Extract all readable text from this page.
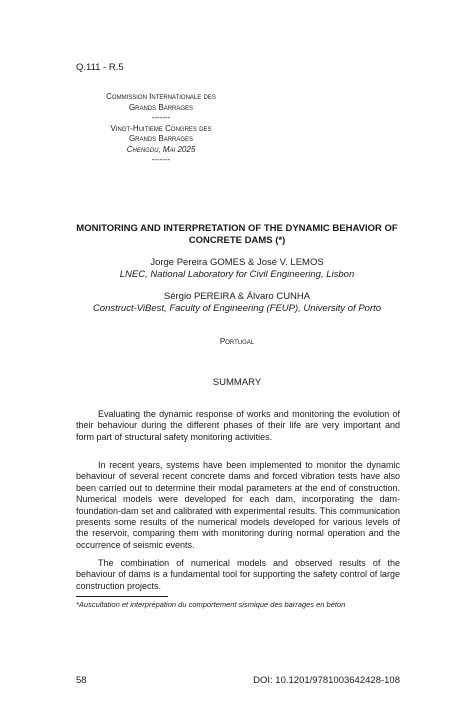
Q.111 - R.5
Commission Internationale des
Grands Barrages
-------
Vingt-Huitieme Congres des
Grands Barrages
Chengdu, Mai 2025
-------
MONITORING AND INTERPRETATION OF THE DYNAMIC BEHAVIOR OF
CONCRETE DAMS (*)
Jorge Pereira GOMES & José V. LEMOS
LNEC, National Laboratory for Civil Engineering, Lisbon
Sérgio PEREIRA & Álvaro CUNHA
Construct-ViBest, Faculty of Engineering (FEUP), University of Porto
Portugal
SUMMARY
Evaluating the dynamic response of works and monitoring the evolution of their behaviour during the different phases of their life are very important and form part of structural safety monitoring activities.
In recent years, systems have been implemented to monitor the dynamic behaviour of several recent concrete dams and forced vibration tests have also been carried out to determine their modal parameters at the end of construction. Numerical models were developed for each dam, incorporating the dam-foundation-dam set and calibrated with experimental results. This communication presents some results of the numerical models developed for various levels of the reservoir, comparing them with monitoring during normal operation and the occurrence of seismic events.
The combination of numerical models and observed results of the behaviour of dams is a fundamental tool for supporting the safety control of large construction projects.
*Auscultation et interprépation du comportement sismique des barrages en béton
58	DOI: 10.1201/9781003642428-108
